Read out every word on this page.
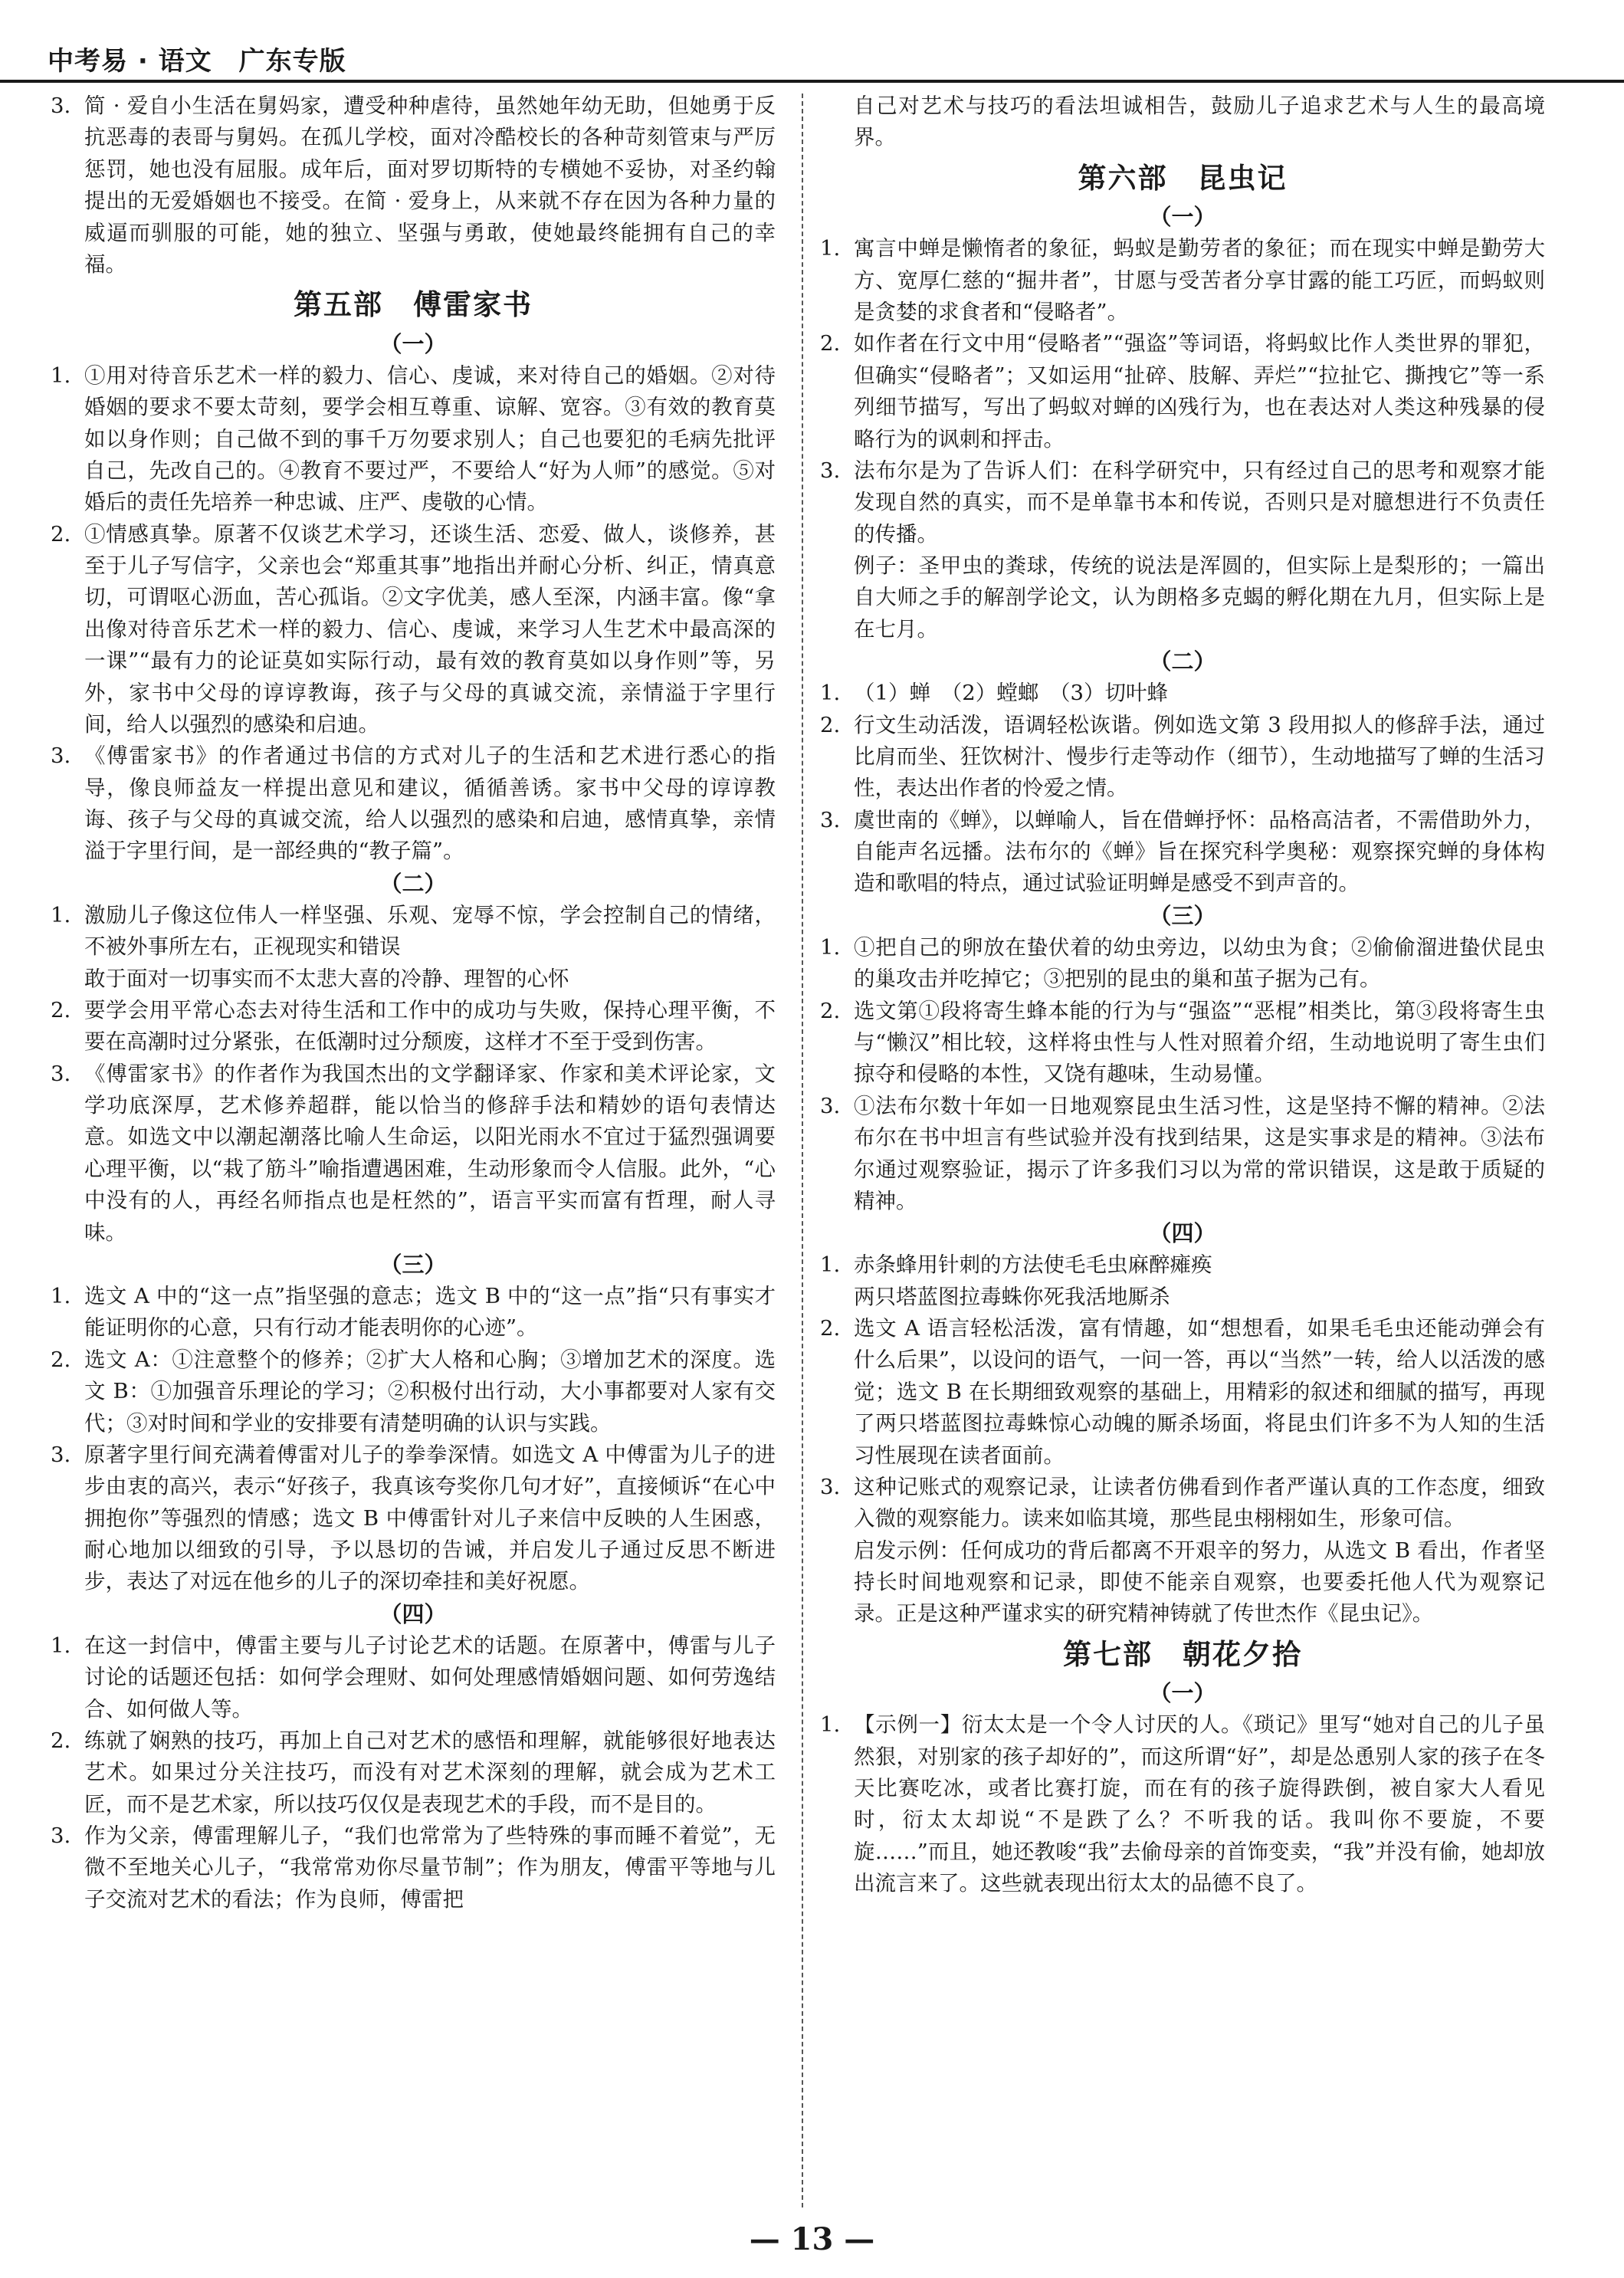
中考易 · 语文　广东专版
3. 简 · 爱自小生活在舅妈家，遭受种种虐待，虽然她年幼无助，但她勇于反抗恶毒的表哥与舅妈。在孤儿学校，面对冷酷校长的各种苛刻管束与严厉惩罚，她也没有屈服。成年后，面对罗切斯特的专横她不妥协，对圣约翰提出的无爱婚姻也不接受。在简 · 爱身上，从来就不存在因为各种力量的威逼而驯服的可能，她的独立、坚强与勇敢，使她最终能拥有自己的幸福。
第五部　傅雷家书
（一）
1. ①用对待音乐艺术一样的毅力、信心、虔诚，来对待自己的婚姻。②对待婚姻的要求不要太苛刻，要学会相互尊重、谅解、宽容。③有效的教育莫如以身作则；自己做不到的事千万勿要求别人；自己也要犯的毛病先批评自己，先改自己的。④教育不要过严，不要给人“好为人师”的感觉。⑤对婚后的责任先培养一种忠诚、庄严、虔敬的心情。
2. ①情感真挚。原著不仅谈艺术学习，还谈生活、恋爱、做人，谈修养，甚至于儿子写信字，父亲也会“郑重其事”地指出并耐心分析、纠正，情真意切，可谓呕心沥血，苦心孤诣。②文字优美，感人至深，内涵丰富。像“拿出像对待音乐艺术一样的毅力、信心、虔诚，来学习人生艺术中最高深的一课”“最有力的论证莫如实际行动，最有效的教育莫如以身作则”等，另外，家书中父母的谆谆教诲，孩子与父母的真诚交流，亲情溢于字里行间，给人以强烈的感染和启迪。
3. 《傅雷家书》的作者通过书信的方式对儿子的生活和艺术进行悉心的指导，像良师益友一样提出意见和建议，循循善诱。家书中父母的谆谆教诲、孩子与父母的真诚交流，给人以强烈的感染和启迪，感情真挚，亲情溢于字里行间，是一部经典的“教子篇”。
（二）
1. 激励儿子像这位伟人一样坚强、乐观、宠辱不惊，学会控制自己的情绪，不被外事所左右，正视现实和错误
敢于面对一切事实而不太悲大喜的冷静、理智的心怀
2. 要学会用平常心态去对待生活和工作中的成功与失败，保持心理平衡，不要在高潮时过分紧张，在低潮时过分颓废，这样才不至于受到伤害。
3. 《傅雷家书》的作者作为我国杰出的文学翻译家、作家和美术评论家，文学功底深厚，艺术修养超群，能以恰当的修辞手法和精妙的语句表情达意。如选文中以潮起潮落比喻人生命运，以阳光雨水不宜过于猛烈强调要心理平衡，以“栽了筋斗”喻指遭遇困难，生动形象而令人信服。此外，“心中没有的人，再经名师指点也是枉然的”，语言平实而富有哲理，耐人寻味。
（三）
1. 选文 A 中的“这一点”指坚强的意志；选文 B 中的“这一点”指“只有事实才能证明你的心意，只有行动才能表明你的心迹”。
2. 选文 A：①注意整个的修养；②扩大人格和心胸；③增加艺术的深度。选文 B：①加强音乐理论的学习；②积极付出行动，大小事都要对人家有交代；③对时间和学业的安排要有清楚明确的认识与实践。
3. 原著字里行间充满着傅雷对儿子的拳拳深情。如选文 A 中傅雷为儿子的进步由衷的高兴，表示“好孩子，我真该夸奖你几句才好”，直接倾诉“在心中拥抱你”等强烈的情感；选文 B 中傅雷针对儿子来信中反映的人生困惑，耐心地加以细致的引导，予以恳切的告诫，并启发儿子通过反思不断进步，表达了对远在他乡的儿子的深切牵挂和美好祝愿。
（四）
1. 在这一封信中，傅雷主要与儿子讨论艺术的话题。在原著中，傅雷与儿子讨论的话题还包括：如何学会理财、如何处理感情婚姻问题、如何劳逸结合、如何做人等。
2. 练就了娴熟的技巧，再加上自己对艺术的感悟和理解，就能够很好地表达艺术。如果过分关注技巧，而没有对艺术深刻的理解，就会成为艺术工匠，而不是艺术家，所以技巧仅仅是表现艺术的手段，而不是目的。
3. 作为父亲，傅雷理解儿子，“我们也常常为了些特殊的事而睡不着觉”，无微不至地关心儿子，“我常常劝你尽量节制”；作为朋友，傅雷平等地与儿子交流对艺术的看法；作为良师，傅雷把
自己对艺术与技巧的看法坦诚相告，鼓励儿子追求艺术与人生的最高境界。
第六部　昆虫记
（一）
1. 寓言中蝉是懒惰者的象征，蚂蚁是勤劳者的象征；而在现实中蝉是勤劳大方、宽厚仁慈的“掘井者”，甘愿与受苦者分享甘露的能工巧匠，而蚂蚁则是贪婪的求食者和“侵略者”。
2. 如作者在行文中用“侵略者”“强盗”等词语，将蚂蚁比作人类世界的罪犯，但确实“侵略者”；又如运用“扯碎、肢解、弄烂”“拉扯它、撕拽它”等一系列细节描写，写出了蚂蚁对蝉的凶残行为，也在表达对人类这种残暴的侵略行为的讽刺和抨击。
3. 法布尔是为了告诉人们：在科学研究中，只有经过自己的思考和观察才能发现自然的真实，而不是单靠书本和传说，否则只是对臆想进行不负责任的传播。
例子：圣甲虫的粪球，传统的说法是浑圆的，但实际上是梨形的；一篇出自大师之手的解剖学论文，认为朗格多克蝎的孵化期在九月，但实际上是在七月。
（二）
1. （1）蝉　（2）螳螂　（3）切叶蜂
2. 行文生动活泼，语调轻松诙谐。例如选文第 3 段用拟人的修辞手法，通过比肩而坐、狂饮树汁、慢步行走等动作（细节），生动地描写了蝉的生活习性，表达出作者的怜爱之情。
3. 虞世南的《蝉》，以蝉喻人，旨在借蝉抒怀：品格高洁者，不需借助外力，自能声名远播。法布尔的《蝉》旨在探究科学奥秘：观察探究蝉的身体构造和歌唱的特点，通过试验证明蝉是感受不到声音的。
（三）
1. ①把自己的卵放在蛰伏着的幼虫旁边，以幼虫为食；②偷偷溜进蛰伏昆虫的巢攻击并吃掉它；③把别的昆虫的巢和茧子据为己有。
2. 选文第①段将寄生蜂本能的行为与“强盗”“恶棍”相类比，第③段将寄生虫与“懒汉”相比较，这样将虫性与人性对照着介绍，生动地说明了寄生虫们掠夺和侵略的本性，又饶有趣味，生动易懂。
3. ①法布尔数十年如一日地观察昆虫生活习性，这是坚持不懈的精神。②法布尔在书中坦言有些试验并没有找到结果，这是实事求是的精神。③法布尔通过观察验证，揭示了许多我们习以为常的常识错误，这是敢于质疑的精神。
（四）
1. 赤条蜂用针刺的方法使毛毛虫麻醉瘫痪
两只塔蓝图拉毒蛛你死我活地厮杀
2. 选文 A 语言轻松活泼，富有情趣，如“想想看，如果毛毛虫还能动弹会有什么后果”，以设问的语气，一问一答，再以“当然”一转，给人以活泼的感觉；选文 B 在长期细致观察的基础上，用精彩的叙述和细腻的描写，再现了两只塔蓝图拉毒蛛惊心动魄的厮杀场面，将昆虫们许多不为人知的生活习性展现在读者面前。
3. 这种记账式的观察记录，让读者仿佛看到作者严谨认真的工作态度，细致入微的观察能力。读来如临其境，那些昆虫栩栩如生，形象可信。
启发示例：任何成功的背后都离不开艰辛的努力，从选文 B 看出，作者坚持长时间地观察和记录，即使不能亲自观察，也要委托他人代为观察记录。正是这种严谨求实的研究精神铸就了传世杰作《昆虫记》。
第七部　朝花夕拾
（一）
1. 【示例一】衍太太是一个令人讨厌的人。《琐记》里写“她对自己的儿子虽然狠，对别家的孩子却好的”，而这所谓“好”，却是怂恿别人家的孩子在冬天比赛吃冰，或者比赛打旋，而在有的孩子旋得跌倒，被自家大人看见时，衍太太却说“不是跌了么？不听我的话。我叫你不要旋，不要旋……”而且，她还教唆“我”去偷母亲的首饰变卖，“我”并没有偷，她却放出流言来了。这些就表现出衍太太的品德不良了。
— 13 —
